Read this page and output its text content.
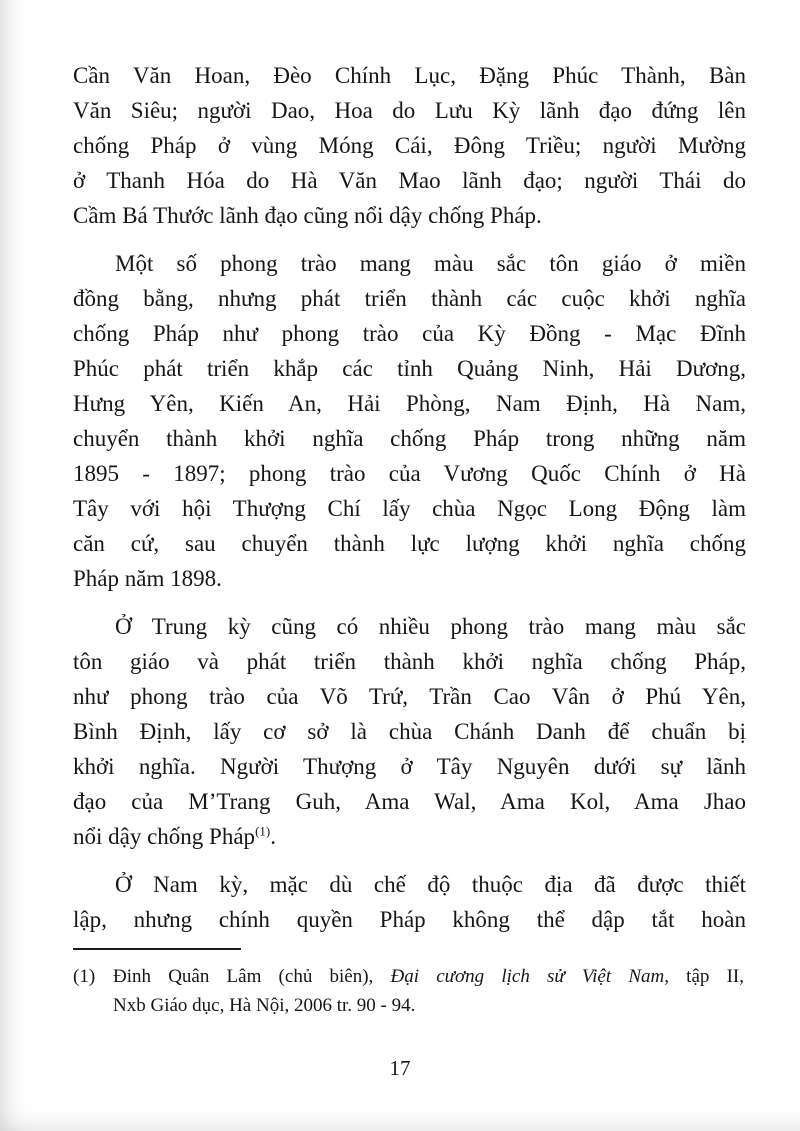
Cần Văn Hoan, Đèo Chính Lục, Đặng Phúc Thành, Bàn
Văn Siêu; người Dao, Hoa do Lưu Kỳ lãnh đạo đứng lên
chống Pháp ở vùng Móng Cái, Đông Triều; người Mường
ở Thanh Hóa do Hà Văn Mao lãnh đạo; người Thái do
Cầm Bá Thước lãnh đạo cũng nổi dậy chống Pháp.
Một số phong trào mang màu sắc tôn giáo ở miền
đồng bằng, nhưng phát triển thành các cuộc khởi nghĩa
chống Pháp như phong trào của Kỳ Đồng - Mạc Đĩnh
Phúc phát triển khắp các tỉnh Quảng Ninh, Hải Dương,
Hưng Yên, Kiến An, Hải Phòng, Nam Định, Hà Nam,
chuyển thành khởi nghĩa chống Pháp trong những năm
1895 - 1897; phong trào của Vương Quốc Chính ở Hà
Tây với hội Thượng Chí lấy chùa Ngọc Long Động làm
căn cứ, sau chuyển thành lực lượng khởi nghĩa chống
Pháp năm 1898.
Ở Trung kỳ cũng có nhiều phong trào mang màu sắc
tôn giáo và phát triển thành khởi nghĩa chống Pháp,
như phong trào của Võ Trứ, Trần Cao Vân ở Phú Yên,
Bình Định, lấy cơ sở là chùa Chánh Danh để chuẩn bị
khởi nghĩa. Người Thượng ở Tây Nguyên dưới sự lãnh
đạo của M’Trang Guh, Ama Wal, Ama Kol, Ama Jhao
nổi dậy chống Pháp$^{(1)}$.
Ở Nam kỳ, mặc dù chế độ thuộc địa đã được thiết
lập, nhưng chính quyền Pháp không thể dập tắt hoàn
(1) Đinh Quân Lâm (chủ biên), Đại cương lịch sử Việt Nam, tập II,
Nxb Giáo dục, Hà Nội, 2006 tr. 90 - 94.
17
